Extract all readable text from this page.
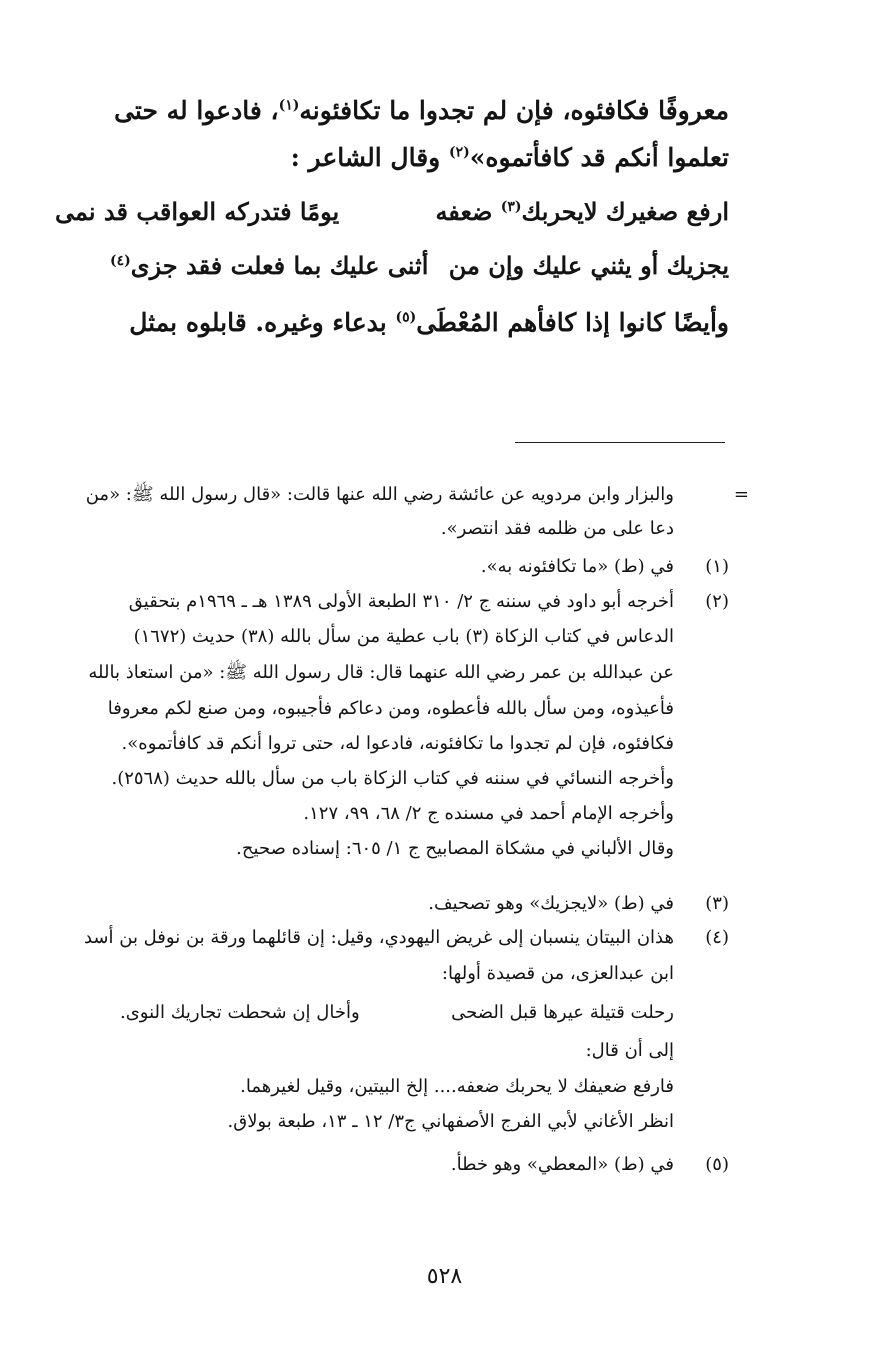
معروفًا فكافئوه، فإن لم تجدوا ما تكافئونه$^{(١)}$، فادعوا له حتى
تعلموا أنكم قد كافأتموه»$^{(٢)}$ وقال الشاعر :
ارفع صغيرك لايحربك$^{(٣)}$ ضعفه
يومًا فتدركه العواقب قد نمى
يجزيك أو يثني عليك وإن من
أثنى عليك بما فعلت فقد جزى$^{(٤)}$
وأيضًا كانوا إذا كافأهم المُعْطَى$^{(٥)}$ بدعاء وغيره. قابلوه بمثل
=
والبزار وابن مردويه عن عائشة رضي الله عنها قالت: «قال رسول الله ﷺ: «من
دعا على من ظلمه فقد انتصر».
(١)
في (ط) «ما تكافئونه به».
(٢)
أخرجه أبو داود في سننه ج ٢/ ٣١٠ الطبعة الأولى ١٣٨٩ هـ ـ ١٩٦٩م بتحقيق
الدعاس في كتاب الزكاة (٣) باب عطية من سأل بالله (٣٨) حديث (١٦٧٢)
عن عبدالله بن عمر رضي الله عنهما قال: قال رسول الله ﷺ: «من استعاذ بالله
فأعيذوه، ومن سأل بالله فأعطوه، ومن دعاكم فأجيبوه، ومن صنع لكم معروفا
فكافئوه، فإن لم تجدوا ما تكافئونه، فادعوا له، حتى تروا أنكم قد كافأتموه».
وأخرجه النسائي في سننه في كتاب الزكاة باب من سأل بالله حديث (٢٥٦٨).
وأخرجه الإمام أحمد في مسنده ج ٢/ ٦٨، ٩٩، ١٢٧.
وقال الألباني في مشكاة المصابيح ج ١/ ٦٠٥: إسناده صحيح.
(٣)
في (ط) «لايجزيك» وهو تصحيف.
(٤)
هذان البيتان ينسبان إلى غريض اليهودي، وقيل: إن قائلهما ورقة بن نوفل بن أسد
ابن عبدالعزى، من قصيدة أولها:
رحلت قتيلة عيرها قبل الضحى
وأخال إن شحطت تجاريك النوى.
إلى أن قال:
فارفع ضعيفك لا يحربك ضعفه.... إلخ البيتين، وقيل لغيرهما.
انظر الأغاني لأبي الفرج الأصفهاني ج٣/ ١٢ ـ ١٣، طبعة بولاق.
(٥)
في (ط) «المعطي» وهو خطأ.
٥٢٨
